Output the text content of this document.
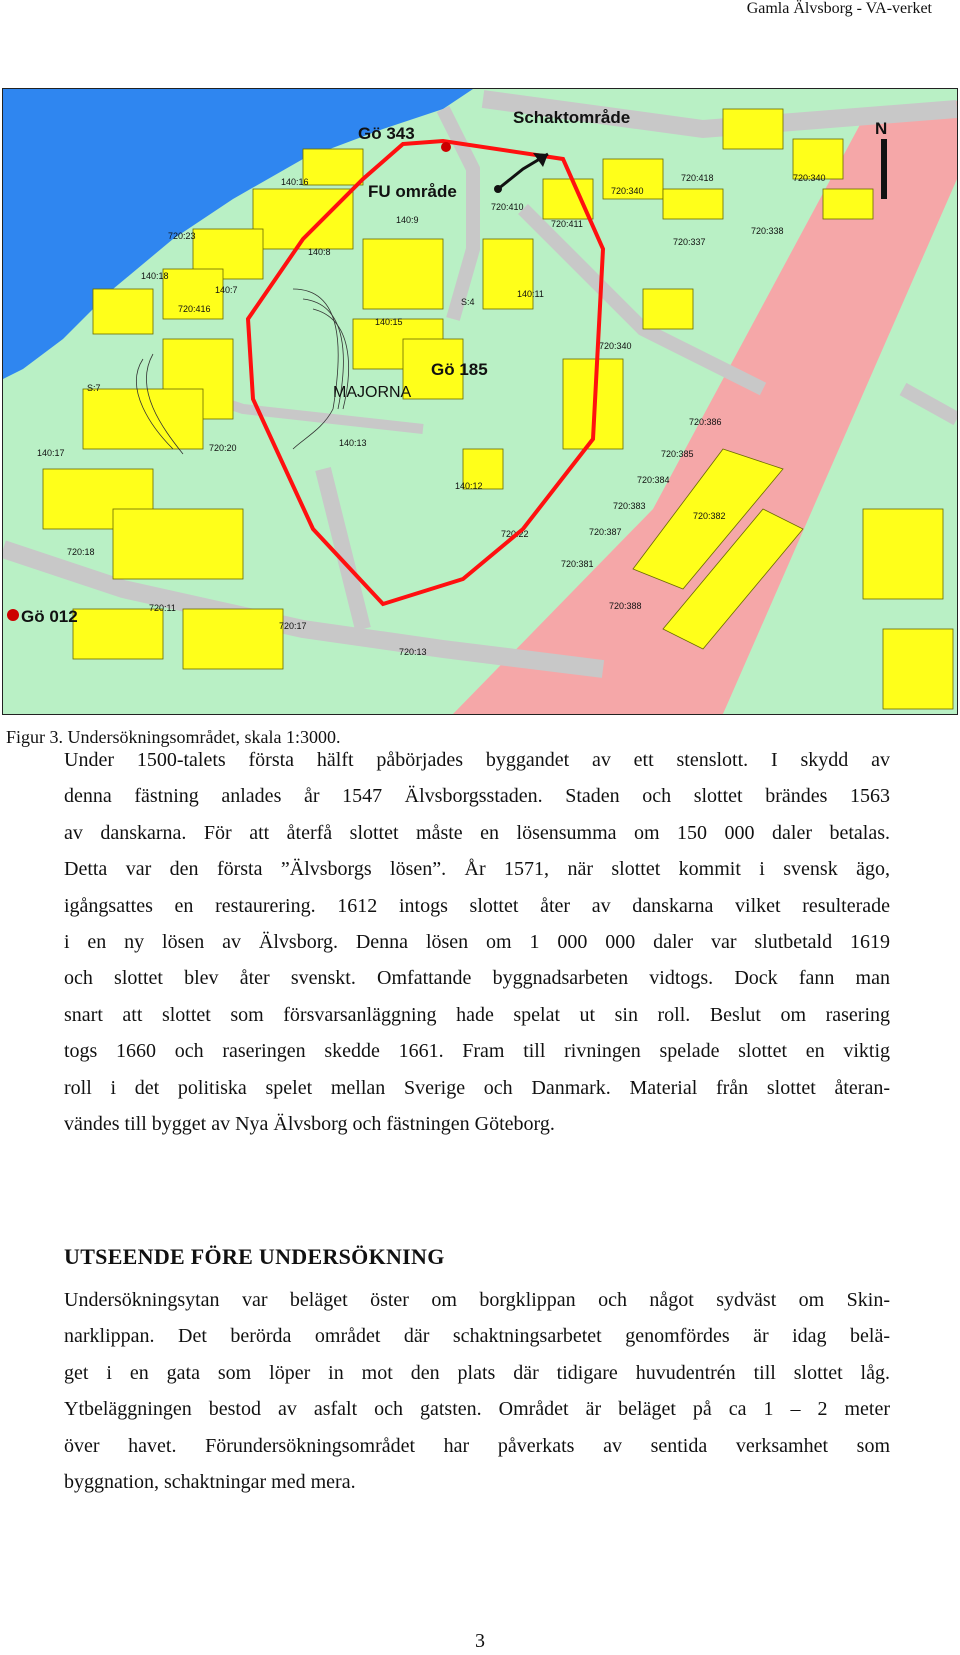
Gamla Älvsborg - VA-verket
140:16
720:23
140:9
140:8
140:18
140:7
720:416
140:15
S:4
140:11
720:410
720:411
720:340
720:418	720:340
720:338
720:337
720:340
S:7
140:13
720:20
140:17
140:12
720:386
720:385
720:384
720:383
720:382
720:387
720:22
720:381
720:18
720:11
720:17
720:388
720:13
Gö 343
Schaktområde
FU område
Gö 185
MAJORNA
Gö 012
N
Figur 3. Undersökningsområdet, skala 1:3000.
Under 1500-talets första hälft påbörjades byggandet av ett stenslott. I skydd av
denna fästning anlades år 1547 Älvsborgsstaden. Staden och slottet brändes 1563
av danskarna. För att återfå slottet måste en lösensumma om 150 000 daler betalas.
Detta var den första ”Älvsborgs lösen”. År 1571, när slottet kommit i svensk ägo,
igångsattes en restaurering. 1612 intogs slottet åter av danskarna vilket resulterade
i en ny lösen av Älvsborg. Denna lösen om 1 000 000 daler var slutbetald 1619
och slottet blev åter svenskt. Omfattande byggnadsarbeten vidtogs. Dock fann man
snart att slottet som försvarsanläggning hade spelat ut sin roll. Beslut om rasering
togs 1660 och raseringen skedde 1661. Fram till rivningen spelade slottet en viktig
roll i det politiska spelet mellan Sverige och Danmark. Material från slottet återan-
vändes till bygget av Nya Älvsborg och fästningen Göteborg.
UTSEENDE FÖRE UNDERSÖKNING
Undersökningsytan var beläget öster om borgklippan och något sydväst om Skin-
narklippan. Det berörda området där schaktningsarbetet genomfördes är idag belä-
get i en gata som löper in mot den plats där tidigare huvudentrén till slottet låg.
Ytbeläggningen bestod av asfalt och gatsten. Området är beläget på ca 1 – 2 meter
över havet. Förundersökningsområdet har påverkats av sentida verksamhet som
byggnation, schaktningar med mera.
3
